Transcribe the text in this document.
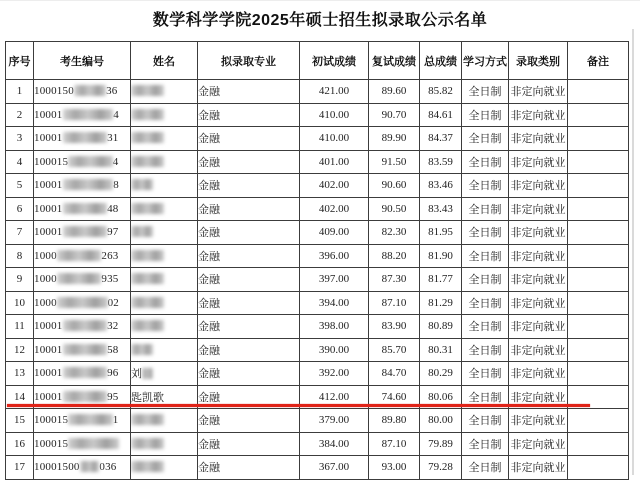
数学科学学院2025年硕士招生拟录取公示名单
序号	考生编号	姓名	拟录取专业	初试成绩	复试成绩	总成绩	学习方式	录取类别	备注
1	1000150 36		金融	421.00	89.60	85.82	全日制	非定向就业	
2	10001 4		金融	410.00	90.70	84.61	全日制	非定向就业	
3	10001 31		金融	410.00	89.90	84.37	全日制	非定向就业	
4	100015 4		金融	401.00	91.50	83.59	全日制	非定向就业	
5	10001 8		金融	402.00	90.60	83.46	全日制	非定向就业	
6	10001 48		金融	402.00	90.50	83.43	全日制	非定向就业	
7	10001 97		金融	409.00	82.30	81.95	全日制	非定向就业	
8	1000 263		金融	396.00	88.20	81.90	全日制	非定向就业	
9	1000 935		金融	397.00	87.30	81.77	全日制	非定向就业	
10	1000 02		金融	394.00	87.10	81.29	全日制	非定向就业	
11	10001 32		金融	398.00	83.90	80.89	全日制	非定向就业	
12	10001 58		金融	390.00	85.70	80.31	全日制	非定向就业	
13	10001 96	刘	金融	392.00	84.70	80.29	全日制	非定向就业	
14	10001 95	匙凯歌	金融	412.00	74.60	80.06	全日制	非定向就业	
15	100015 1		金融	379.00	89.80	80.00	全日制	非定向就业	
16	100015		金融	384.00	87.10	79.89	全日制	非定向就业	
17	10001500 036		金融	367.00	93.00	79.28	全日制	非定向就业	
